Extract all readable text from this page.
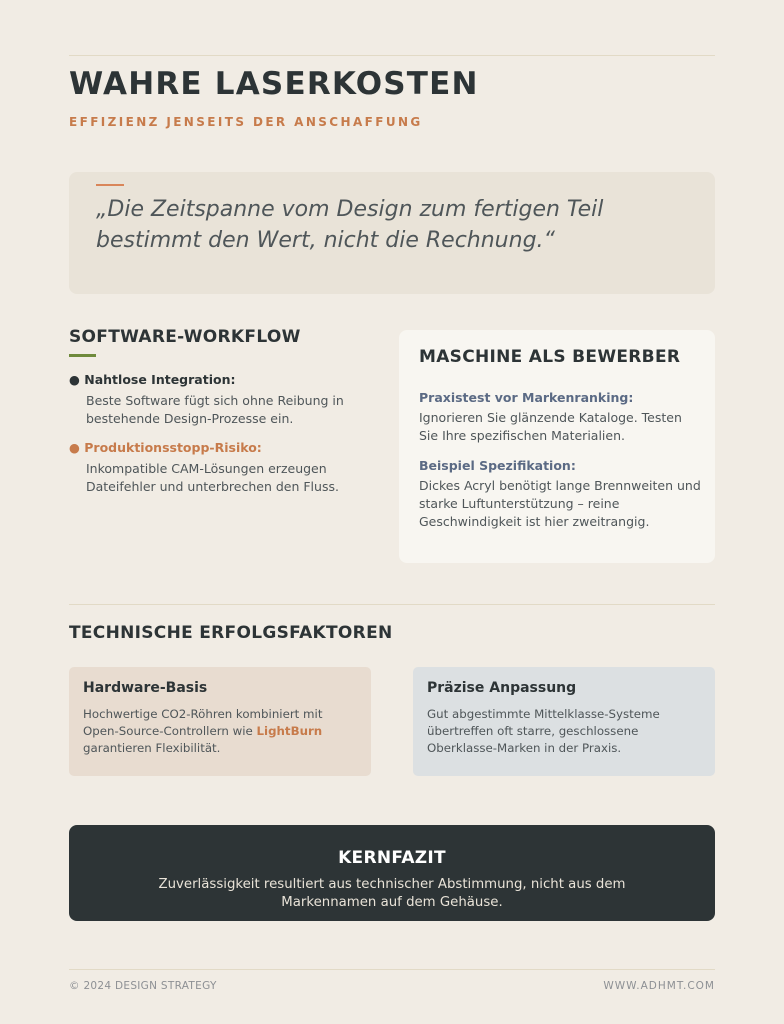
WAHRE LASERKOSTEN
EFFIZIENZ JENSEITS DER ANSCHAFFUNG
„Die Zeitspanne vom Design zum fertigen Teil bestimmt den Wert, nicht die Rechnung.“
SOFTWARE-WORKFLOW
● Nahtlose Integration:
Beste Software fügt sich ohne Reibung in bestehende Design-Prozesse ein.
● Produktionsstopp-Risiko:
Inkompatible CAM-Lösungen erzeugen Dateifehler und unterbrechen den Fluss.
MASCHINE ALS BEWERBER
Praxistest vor Markenranking:
Ignorieren Sie glänzende Kataloge. Testen Sie Ihre spezifischen Materialien.
Beispiel Spezifikation:
Dickes Acryl benötigt lange Brennweiten und starke Luftunterstützung – reine Geschwindigkeit ist hier zweitrangig.
TECHNISCHE ERFOLGSFAKTOREN
Hardware-Basis
Hochwertige CO2-Röhren kombiniert mit Open-Source-Controllern wie LightBurn garantieren Flexibilität.
Präzise Anpassung
Gut abgestimmte Mittelklasse-Systeme übertreffen oft starre, geschlossene Oberklasse-Marken in der Praxis.
KERNFAZIT
Zuverlässigkeit resultiert aus technischer Abstimmung, nicht aus dem Markennamen auf dem Gehäuse.
© 2024 DESIGN STRATEGY	WWW.ADHMT.COM
